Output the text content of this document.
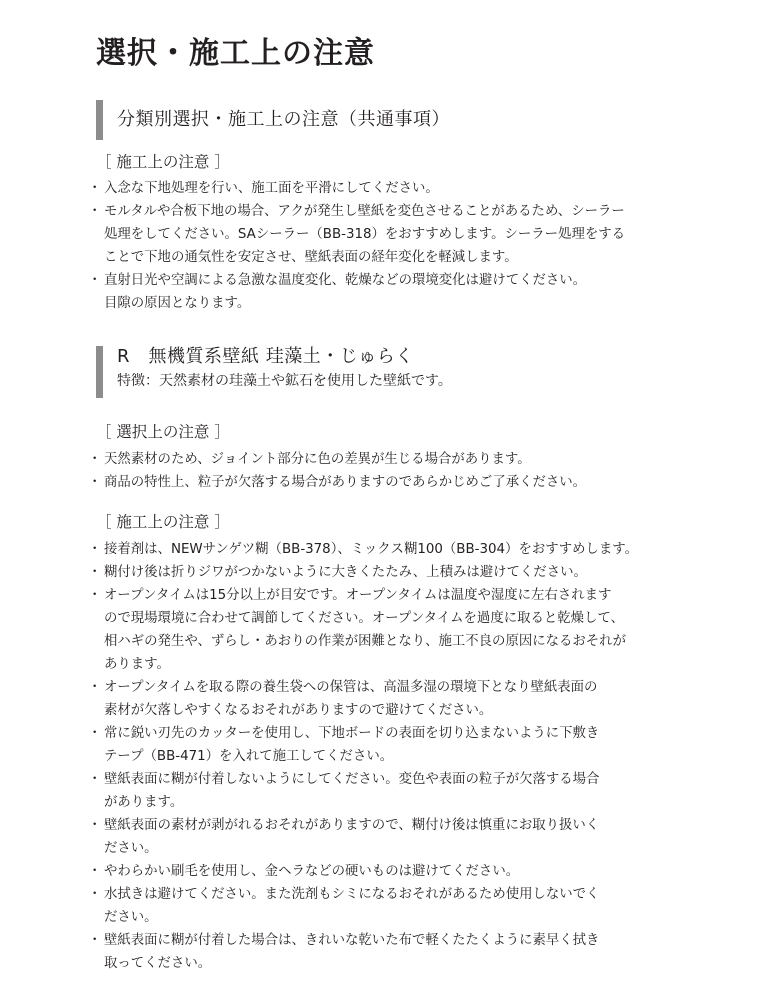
選択・施工上の注意
分類別選択・施工上の注意（共通事項）
［ 施工上の注意 ］
・ 入念な下地処理を行い、施工面を平滑にしてください。
・ モルタルや合板下地の場合、アクが発生し壁紙を変色させることがあるため、シーラー
処理をしてください。SAシーラー（BB-318）をおすすめします。シーラー処理をする
ことで下地の通気性を安定させ、壁紙表面の経年変化を軽減します。
・ 直射日光や空調による急激な温度変化、乾燥などの環境変化は避けてください。
目隙の原因となります。
R　無機質系壁紙 珪藻土・じゅらく
特徴：天然素材の珪藻土や鉱石を使用した壁紙です。
［ 選択上の注意 ］
・ 天然素材のため、ジョイント部分に色の差異が生じる場合があります。
・ 商品の特性上、粒子が欠落する場合がありますのであらかじめご了承ください。
［ 施工上の注意 ］
・ 接着剤は、NEWサンゲツ糊（BB-378）、ミックス糊100（BB-304）をおすすめします。
・ 糊付け後は折りジワがつかないように大きくたたみ、上積みは避けてください。
・ オープンタイムは15分以上が目安です。オープンタイムは温度や湿度に左右されます
ので現場環境に合わせて調節してください。オープンタイムを過度に取ると乾燥して、
相ハギの発生や、ずらし・あおりの作業が困難となり、施工不良の原因になるおそれが
あります。
・ オープンタイムを取る際の養生袋への保管は、高温多湿の環境下となり壁紙表面の
素材が欠落しやすくなるおそれがありますので避けてください。
・ 常に鋭い刃先のカッターを使用し、下地ボードの表面を切り込まないように下敷き
テープ（BB-471）を入れて施工してください。
・ 壁紙表面に糊が付着しないようにしてください。変色や表面の粒子が欠落する場合
があります。
・ 壁紙表面の素材が剥がれるおそれがありますので、糊付け後は慎重にお取り扱いく
ださい。
・ やわらかい刷毛を使用し、金ヘラなどの硬いものは避けてください。
・ 水拭きは避けてください。また洗剤もシミになるおそれがあるため使用しないでく
ださい。
・ 壁紙表面に糊が付着した場合は、きれいな乾いた布で軽くたたくように素早く拭き
取ってください。
